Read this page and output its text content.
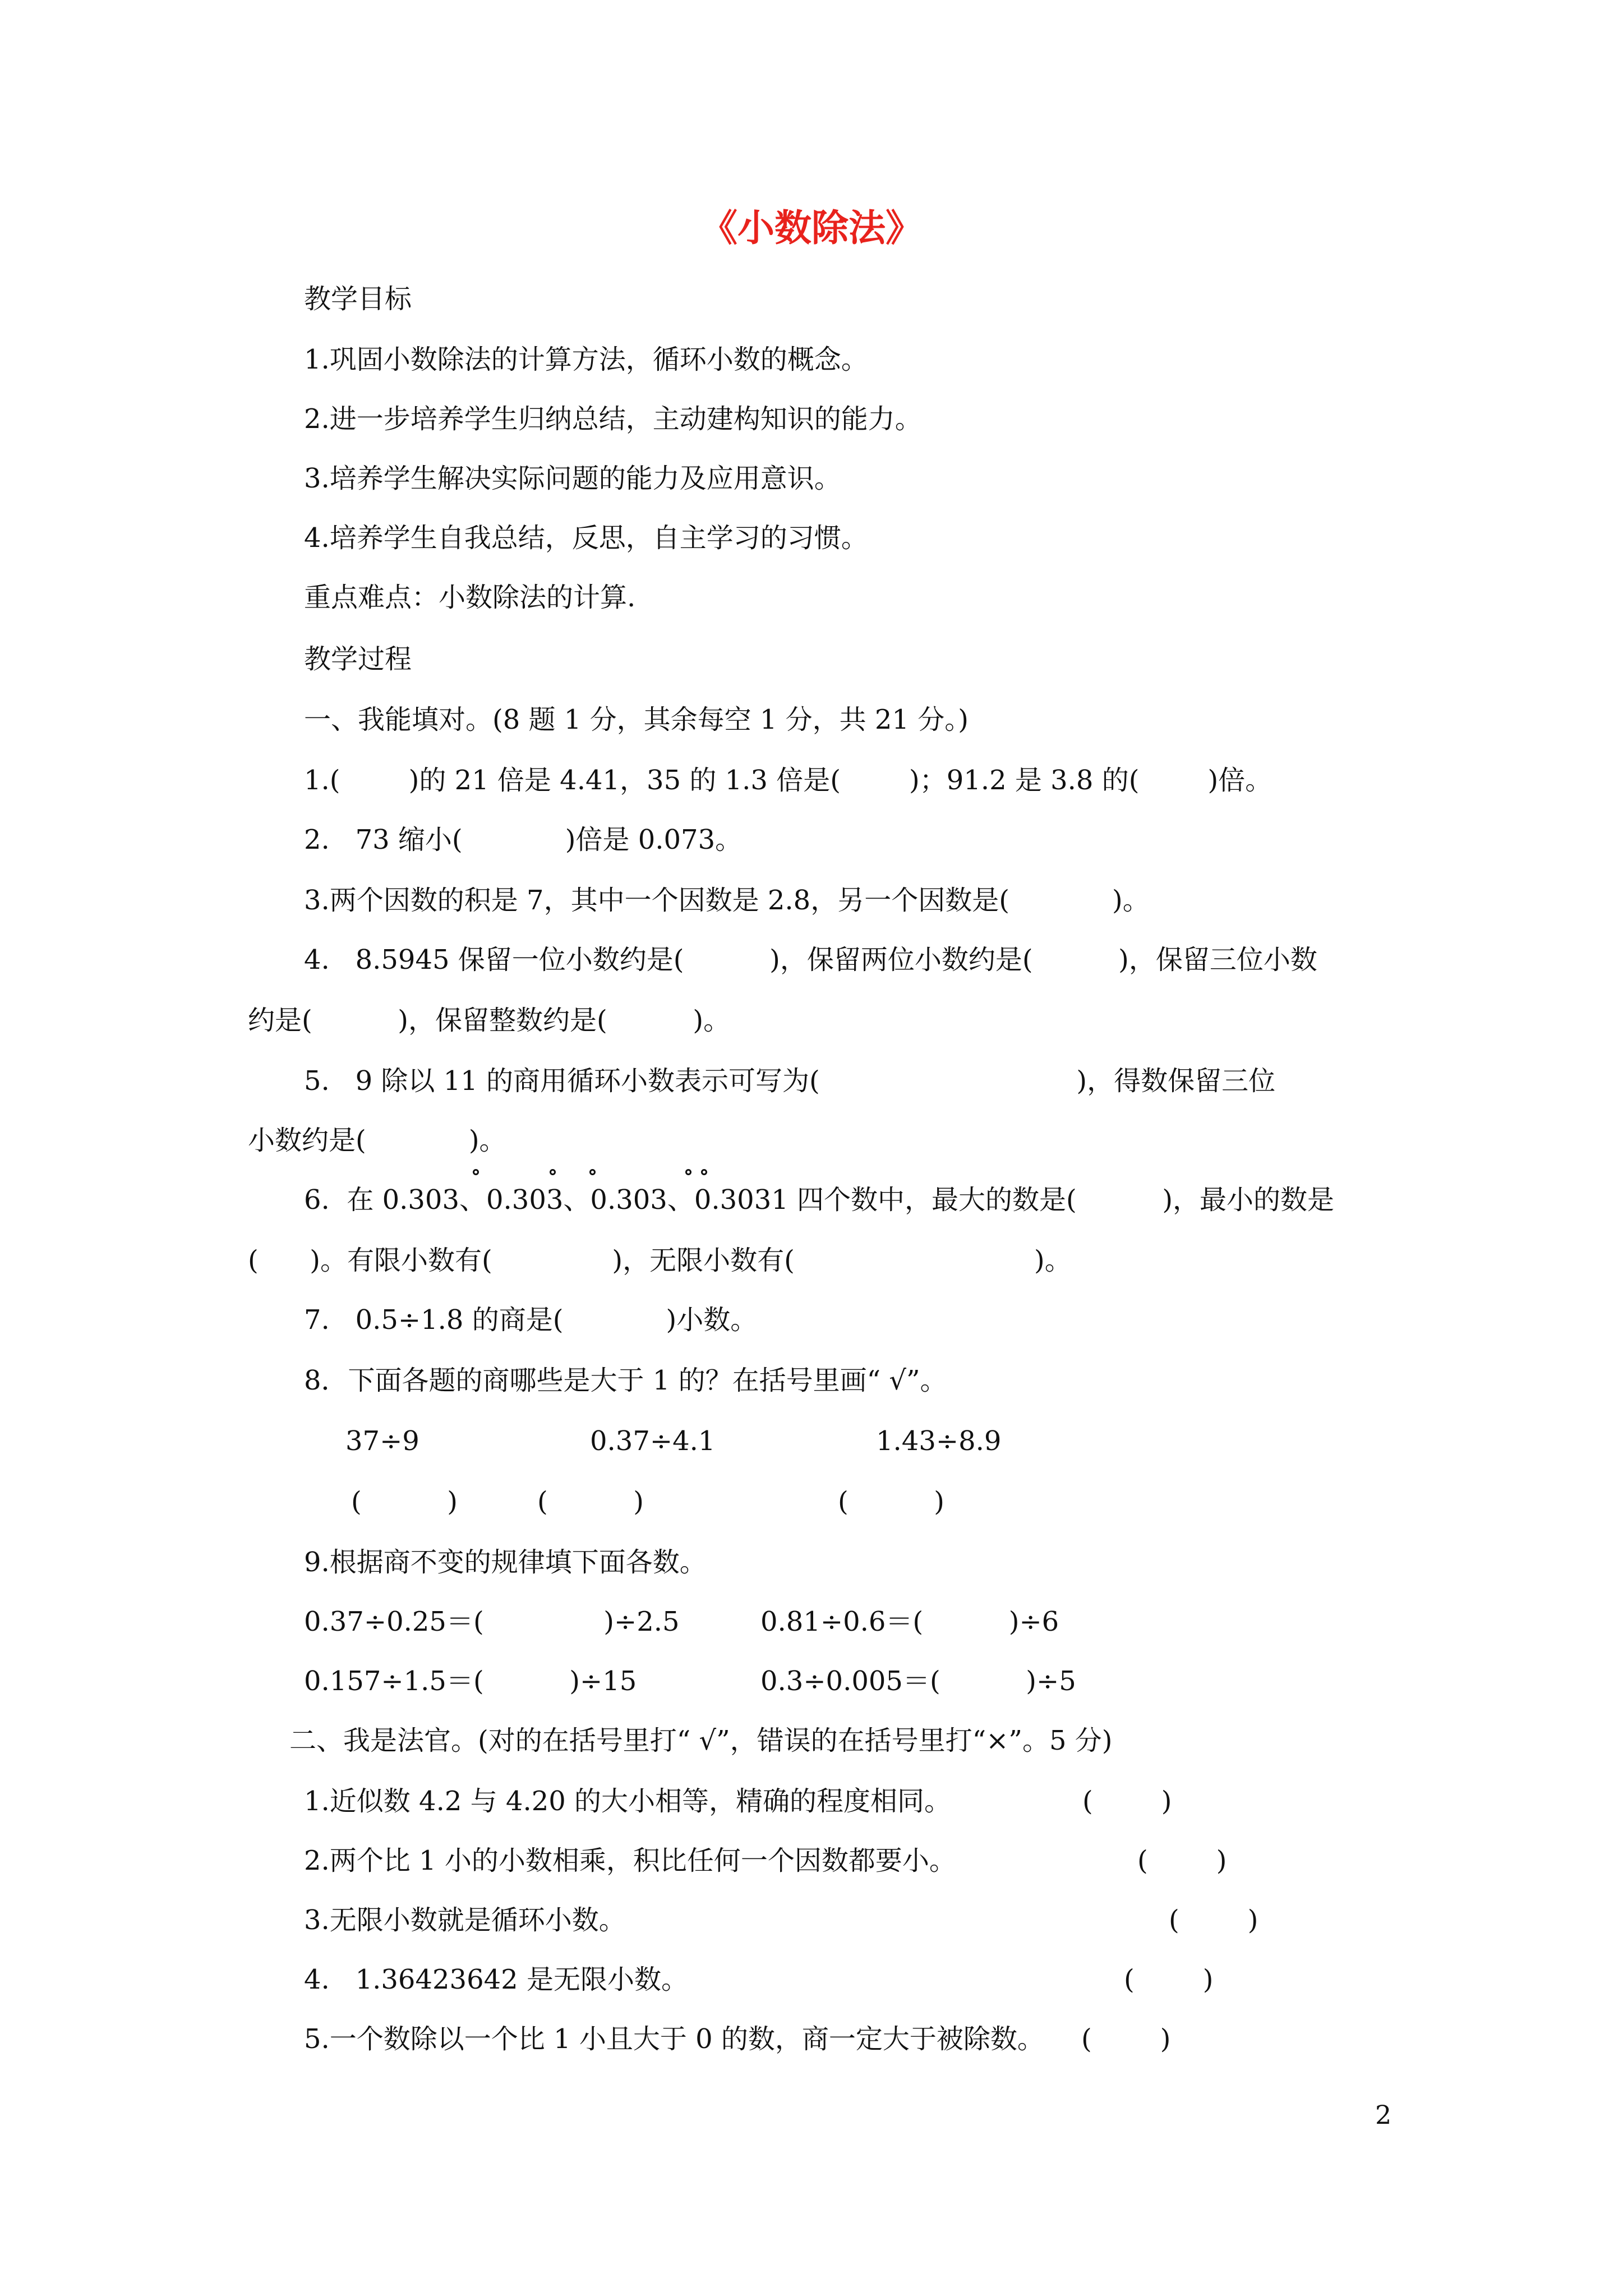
《小数除法》
教学目标
1.巩固小数除法的计算方法，循环小数的概念。
2.进一步培养学生归纳总结，主动建构知识的能力。
3.培养学生解决实际问题的能力及应用意识。
4.培养学生自我总结，反思，自主学习的习惯。
重点难点：小数除法的计算.
教学过程
一、我能填对。(8 题 1 分，其余每空 1 分，共 21 分。)
1.(        )的 21 倍是 4.41，35 的 1.3 倍是(        )；91.2 是 3.8 的(        )倍。
2.   73 缩小(            )倍是 0.073。
3.两个因数的积是 7，其中一个因数是 2.8，另一个因数是(            )。
4.   8.5945 保留一位小数约是(          )，保留两位小数约是(          )，保留三位小数
约是(          )，保留整数约是(          )。
5.   9 除以 11 的商用循环小数表示可写为(                              )，得数保留三位
小数约是(            )。
6.  在 0.303、0.303、0.303、0.3031 四个数中，最大的数是(          )，最小的数是
(      )。有限小数有(              )，无限小数有(                            )。
7.   0.5÷1.8 的商是(            )小数。
8．下面各题的商哪些是大于 1 的？在括号里画“ √”。
37÷9	0.37÷4.1	1.43÷8.9
(          )	(          )	(          )
9.根据商不变的规律填下面各数。
0.37÷0.25＝(              )÷2.5	0.81÷0.6＝(          )÷6
0.157÷1.5＝(          )÷15	0.3÷0.005＝(          )÷5
二、我是法官。(对的在括号里打“ √”，错误的在括号里打“×”。5 分)
1.近似数 4.2 与 4.20 的大小相等，精确的程度相同。	(        )
2.两个比 1 小的小数相乘，积比任何一个因数都要小。	(        )
3.无限小数就是循环小数。	(        )
4.   1.36423642 是无限小数。	(        )
5.一个数除以一个比 1 小且大于 0 的数，商一定大于被除数。 (        )
2
